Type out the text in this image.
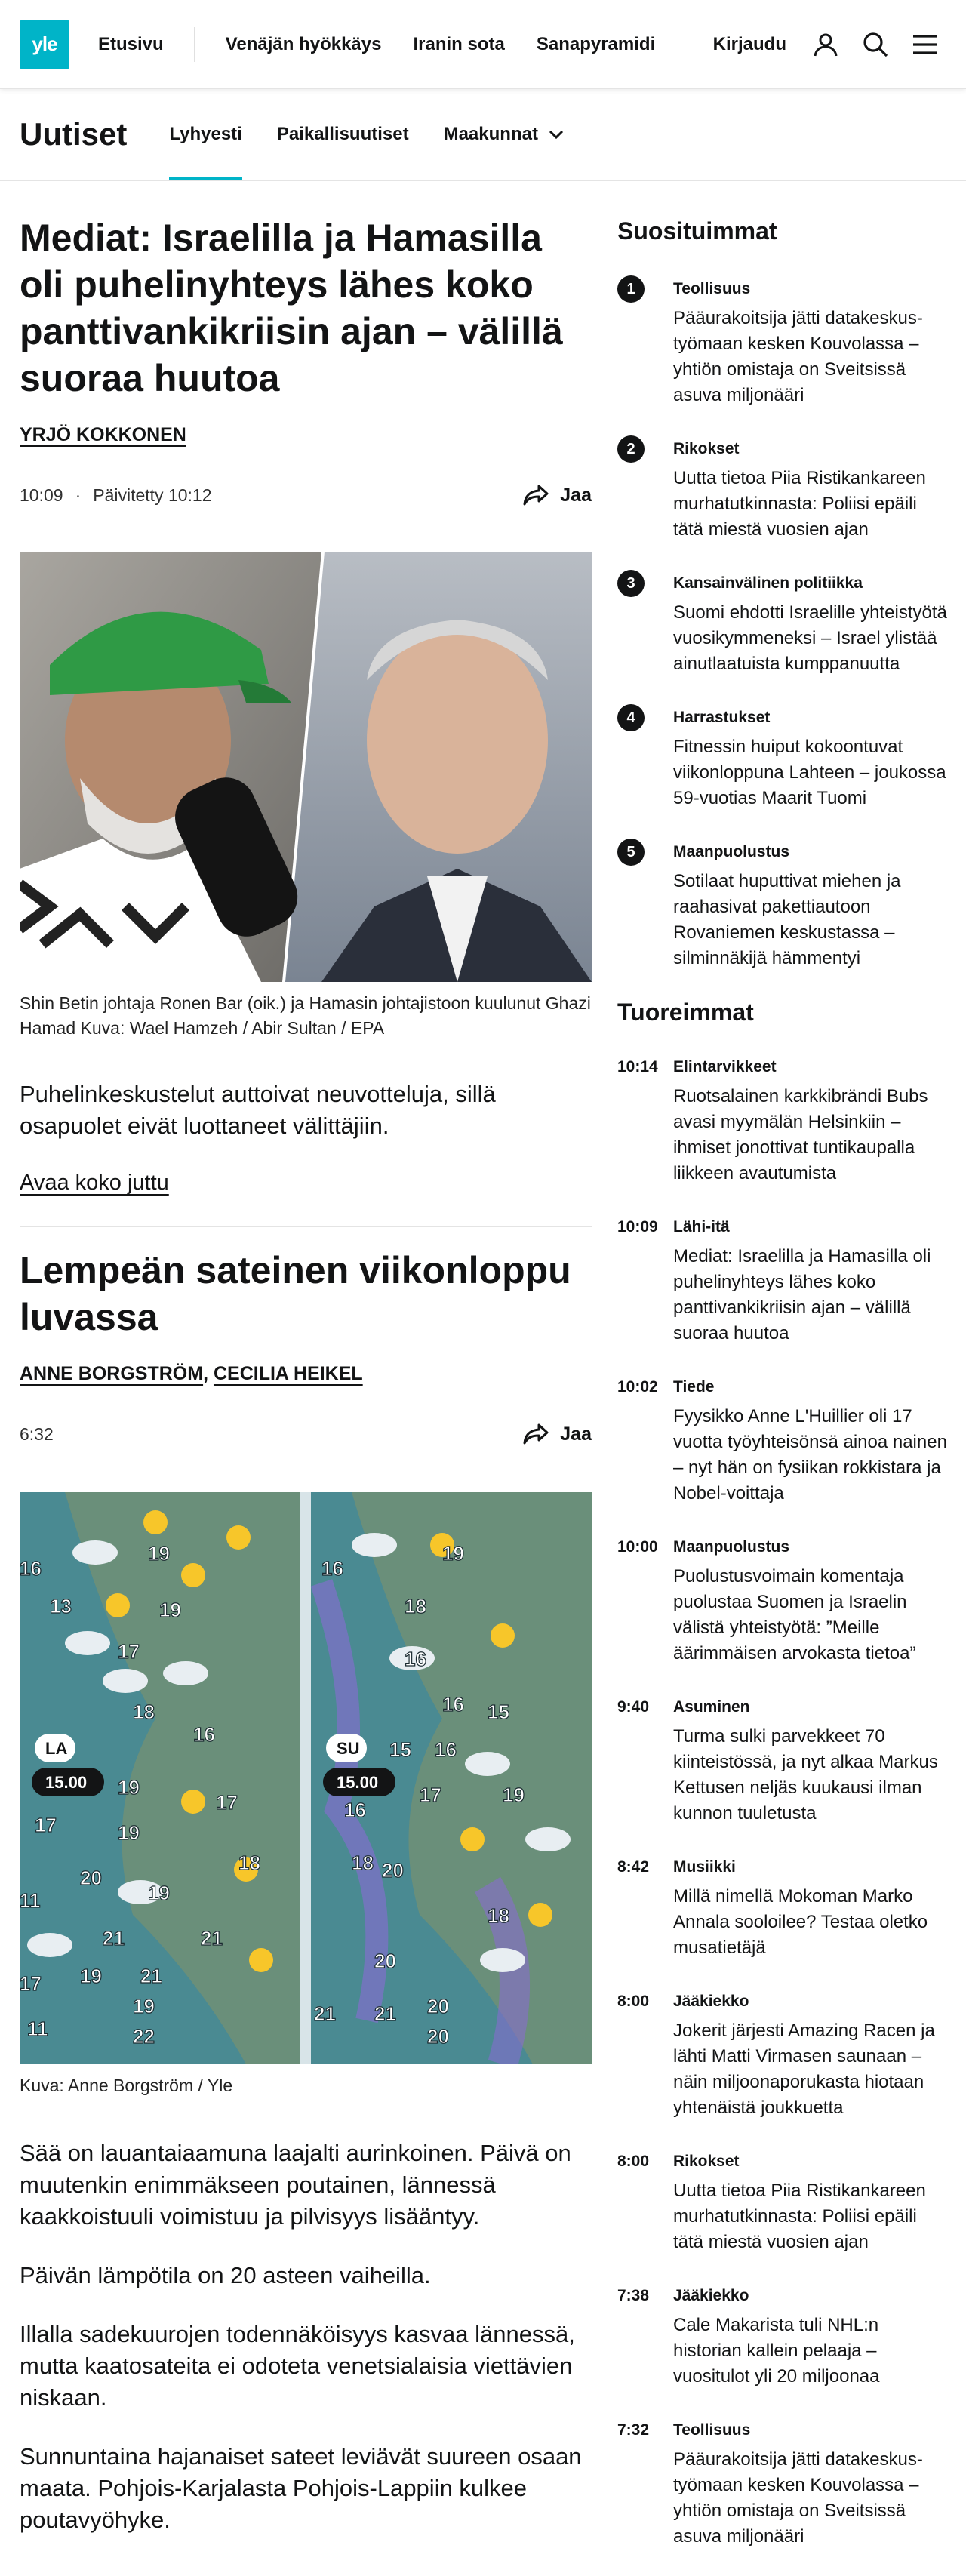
yle	Etusivu	Venäjän hyökkäys Iranin sota Sanapyramidi	Kirjaudu
Uutiset Lyhyesti Paikallisuutiset Maakunnat
Mediat: Israelilla ja Hamasilla oli puhelinyhteys lähes koko panttivankikriisin ajan – välillä suoraa huutoa
YRJÖ KOKKONEN
10:09 · Päivitetty 10:12	Jaa

Shin Betin johtaja Ronen Bar (oik.) ja Hamasin johtajistoon kuulunut Ghazi Hamad Kuva: Wael Hamzeh / Abir Sultan / EPA

Puhelinkeskustelut auttoivat neuvotteluja, sillä osapuolet eivät luottaneet välittäjiin.

Avaa koko juttu
Lempeän sateinen viikonloppu luvassa
ANNE BORGSTRÖM, CECILIA HEIKEL
6:32	Jaa
16
13
19
19
17
18
16
19
17
19
17
20
18
19
11
21	21
17 19 21
19
22
11
16
19
18
16
16 15
15 16
19
16
17
18 20
18
20
21 21 20
20
LA
15.00
SU
15.00

Kuva: Anne Borgström / Yle

Sää on lauantaiaamuna laajalti aurinkoinen. Päivä on muutenkin enimmäkseen poutainen, lännessä kaakkoistuuli voimistuu ja pilvisyys lisääntyy.

Päivän lämpötila on 20 asteen vaiheilla.

Illalla sadekuurojen todennäköisyys kasvaa lännessä, mutta kaatosateita ei odoteta venetsialaisia viettävien niskaan.

Sunnuntaina hajanaiset sateet leviävät suureen osaan maata. Pohjois-Karjalasta Pohjois-Lappiin kulkee poutavyöhyke.

Suosituimmat
1	Teollisuus
Pääurakoitsija jätti datakeskus-työmaan kesken Kouvolassa – yhtiön omistaja on Sveitsissä asuva miljonääri
2	Rikokset
Uutta tietoa Piia Ristikankareen murhatutkinnasta: Poliisi epäili tätä miestä vuosien ajan
3	Kansainvälinen politiikka
Suomi ehdotti Israelille yhteistyötä vuosikymmeneksi – Israel ylistää ainutlaatuista kumppanuutta
4	Harrastukset
Fitnessin huiput kokoontuvat viikonloppuna Lahteen – joukossa 59-vuotias Maarit Tuomi
5	Maanpuolustus
Sotilaat huputtivat miehen ja raahasivat pakettiautoon Rovaniemen keskustassa – silminnäkijä hämmentyi
Tuoreimmat
10:14 Elintarvikkeet
Ruotsalainen karkkibrändi Bubs avasi myymälän Helsinkiin – ihmiset jonottivat tuntikaupalla liikkeen avautumista
10:09 Lähi-itä
Mediat: Israelilla ja Hamasilla oli puhelinyhteys lähes koko panttivankikriisin ajan – välillä suoraa huutoa
10:02 Tiede
Fyysikko Anne L'Huillier oli 17 vuotta työyhteisönsä ainoa nainen – nyt hän on fysiikan rokkistara ja Nobel-voittaja
10:00 Maanpuolustus
Puolustusvoimain komentaja puolustaa Suomen ja Israelin välistä yhteistyötä: ”Meille äärimmäisen arvokasta tietoa”
9:40	Asuminen
Turma sulki parvekkeet 70 kiinteistössä, ja nyt alkaa Markus Kettusen neljäs kuukausi ilman kunnon tuuletusta
8:42	Musiikki
Millä nimellä Mokoman Marko Annala sooloilee? Testaa oletko musatietäjä
8:00	Jääkiekko
Jokerit järjesti Amazing Racen ja lähti Matti Virmasen saunaan – näin miljoonaporukasta hiotaan yhtenäistä joukkuetta
8:00	Rikokset
Uutta tietoa Piia Ristikankareen murhatutkinnasta: Poliisi epäili tätä miestä vuosien ajan
7:38	Jääkiekko
Cale Makarista tuli NHL:n historian kallein pelaaja – vuositulot yli 20 miljoonaa
7:32	Teollisuus
Pääurakoitsija jätti datakeskus-työmaan kesken Kouvolassa – yhtiön omistaja on Sveitsissä asuva miljonääri
